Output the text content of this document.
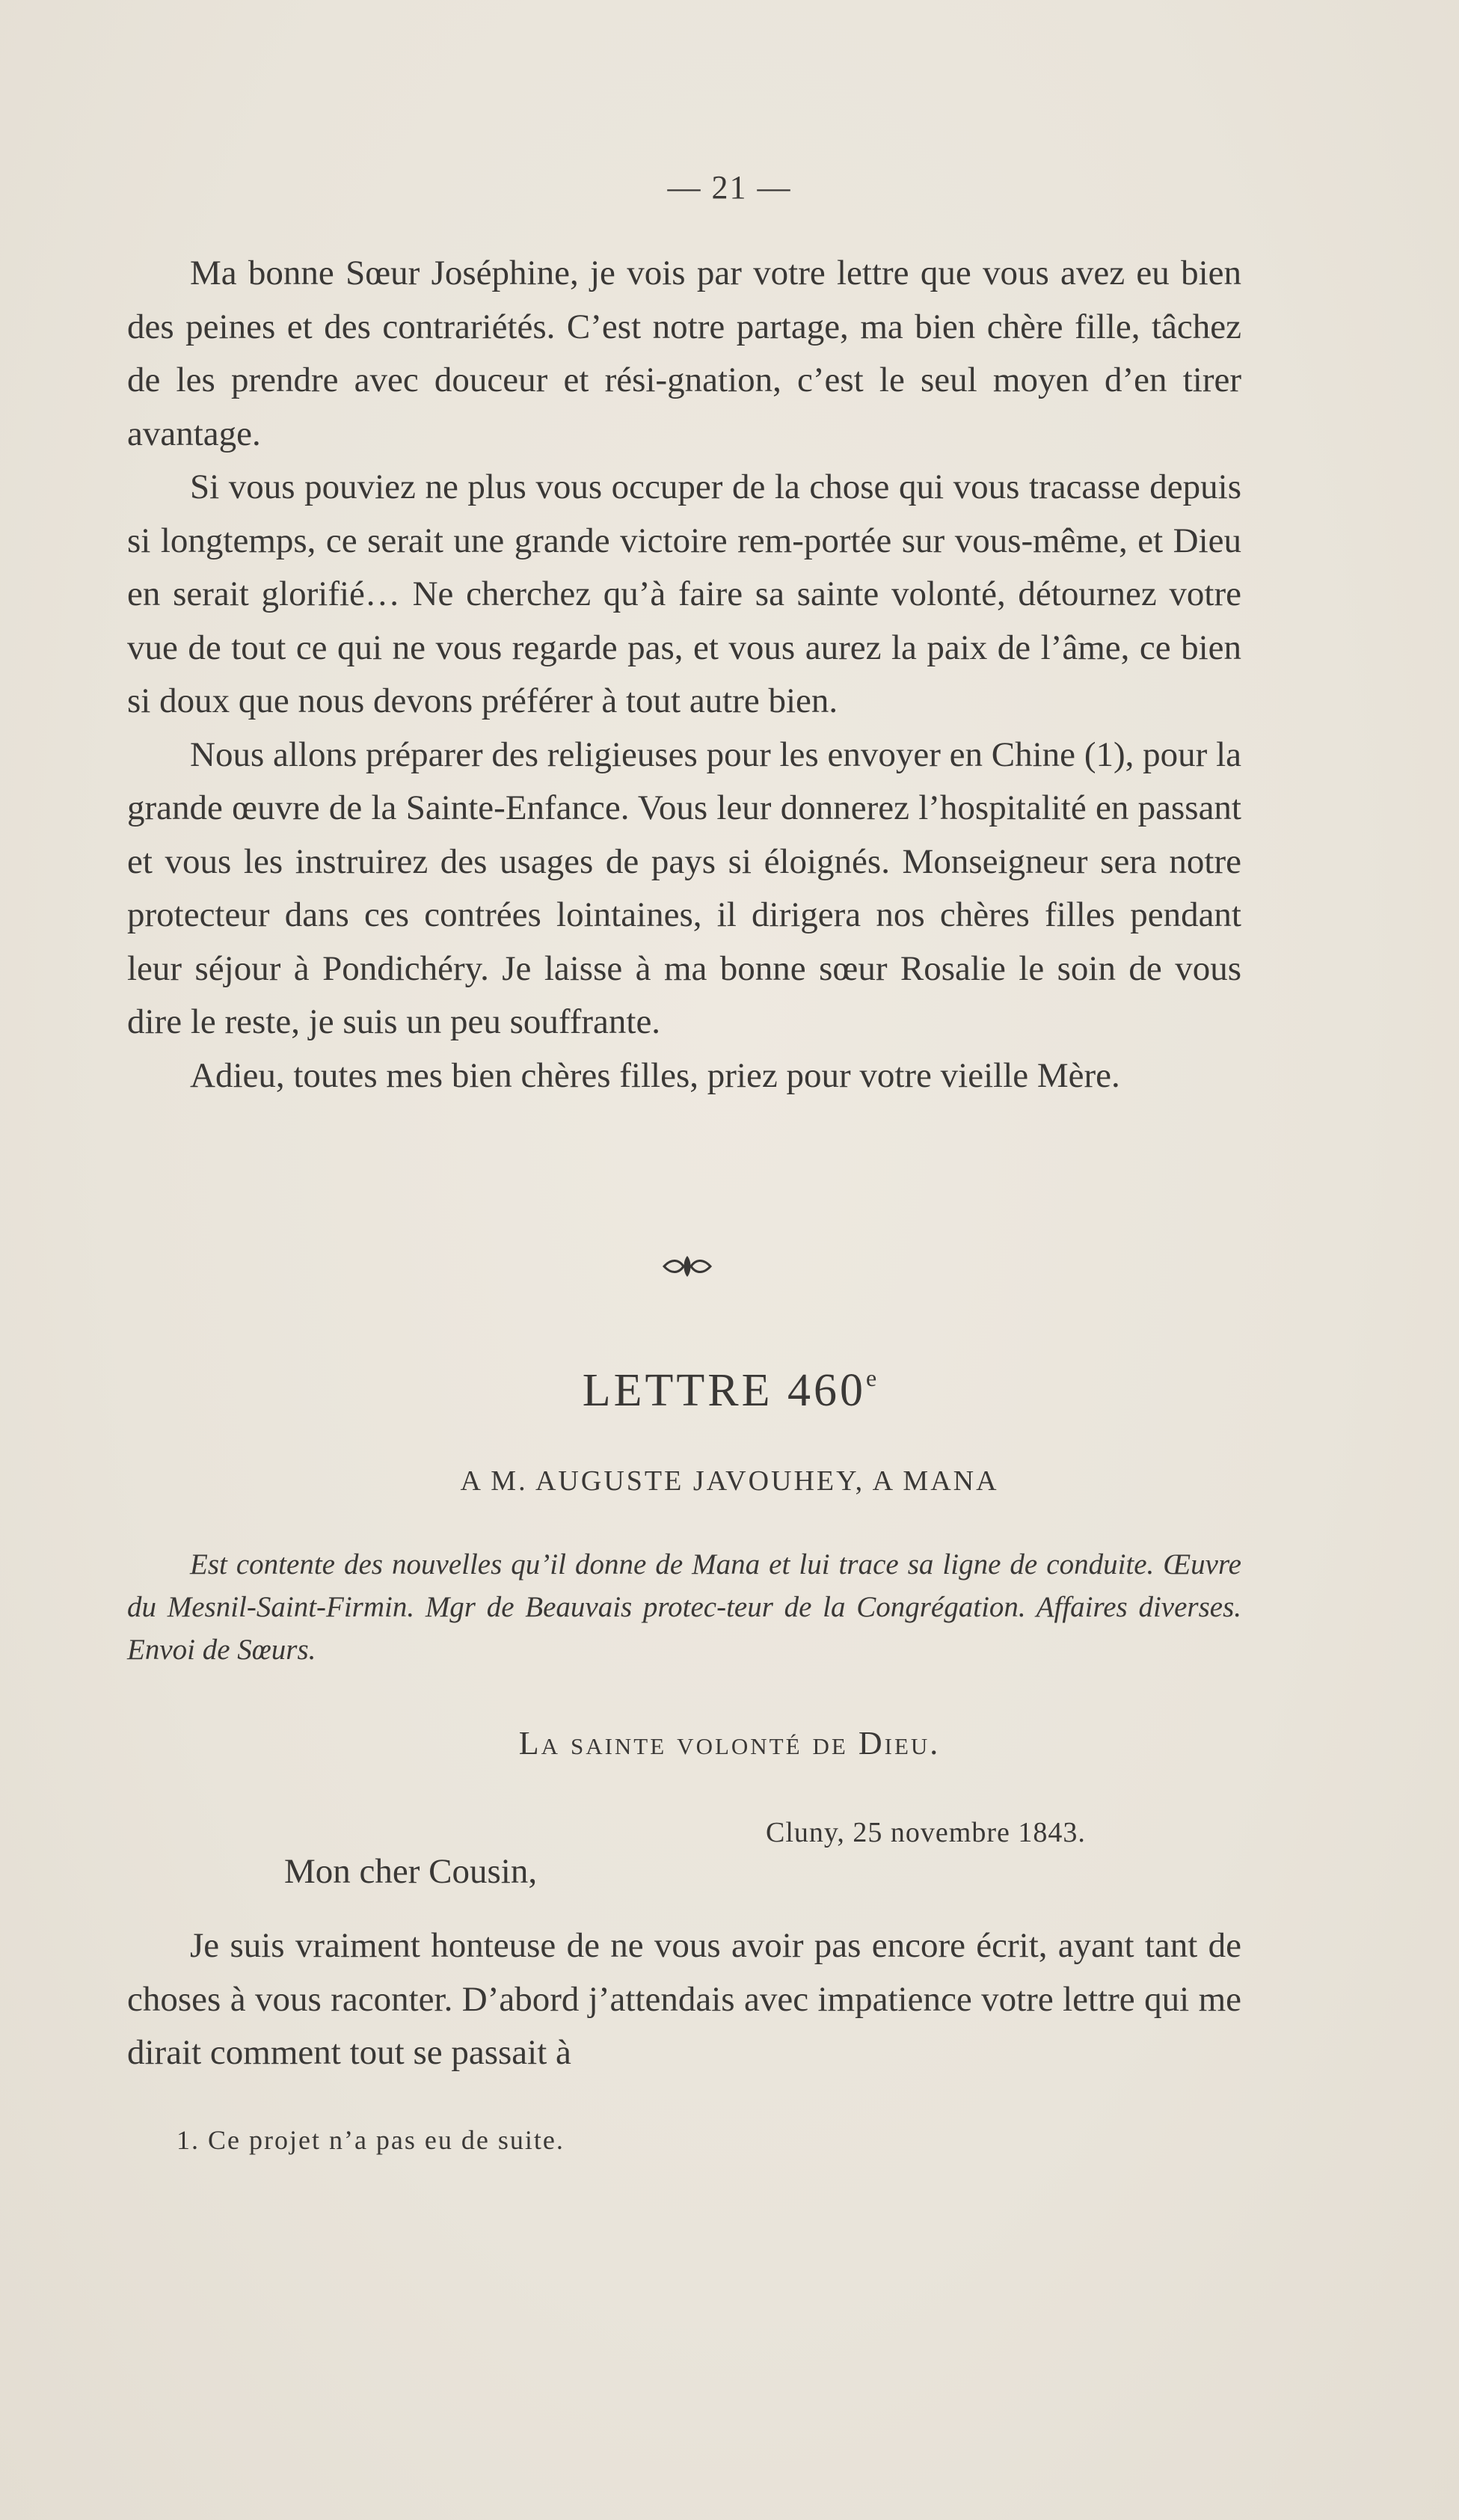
— 21 —

Ma bonne Sœur Joséphine, je vois par votre lettre que vous avez eu bien des peines et des contrariétés. C’est notre partage, ma bien chère fille, tâchez de les prendre avec douceur et rési-gnation, c’est le seul moyen d’en tirer avantage.

Si vous pouviez ne plus vous occuper de la chose qui vous tracasse depuis si longtemps, ce serait une grande victoire rem-portée sur vous-même, et Dieu en serait glorifié… Ne cherchez qu’à faire sa sainte volonté, détournez votre vue de tout ce qui ne vous regarde pas, et vous aurez la paix de l’âme, ce bien si doux que nous devons préférer à tout autre bien.

Nous allons préparer des religieuses pour les envoyer en Chine (1), pour la grande œuvre de la Sainte-Enfance. Vous leur donnerez l’hospitalité en passant et vous les instruirez des usages de pays si éloignés. Monseigneur sera notre protecteur dans ces contrées lointaines, il dirigera nos chères filles pendant leur séjour à Pondichéry. Je laisse à ma bonne sœur Rosalie le soin de vous dire le reste, je suis un peu souffrante.

Adieu, toutes mes bien chères filles, priez pour votre vieille Mère.

LETTRE 460e
A M. AUGUSTE JAVOUHEY, A MANA

Est contente des nouvelles qu’il donne de Mana et lui trace sa ligne de conduite. Œuvre du Mesnil-Saint-Firmin. Mgr de Beauvais protec-teur de la Congrégation. Affaires diverses. Envoi de Sœurs.

La sainte volonté de Dieu.
Cluny, 25 novembre 1843.
Mon cher Cousin,

Je suis vraiment honteuse de ne vous avoir pas encore écrit, ayant tant de choses à vous raconter. D’abord j’attendais avec impatience votre lettre qui me dirait comment tout se passait à

1. Ce projet n’a pas eu de suite.
